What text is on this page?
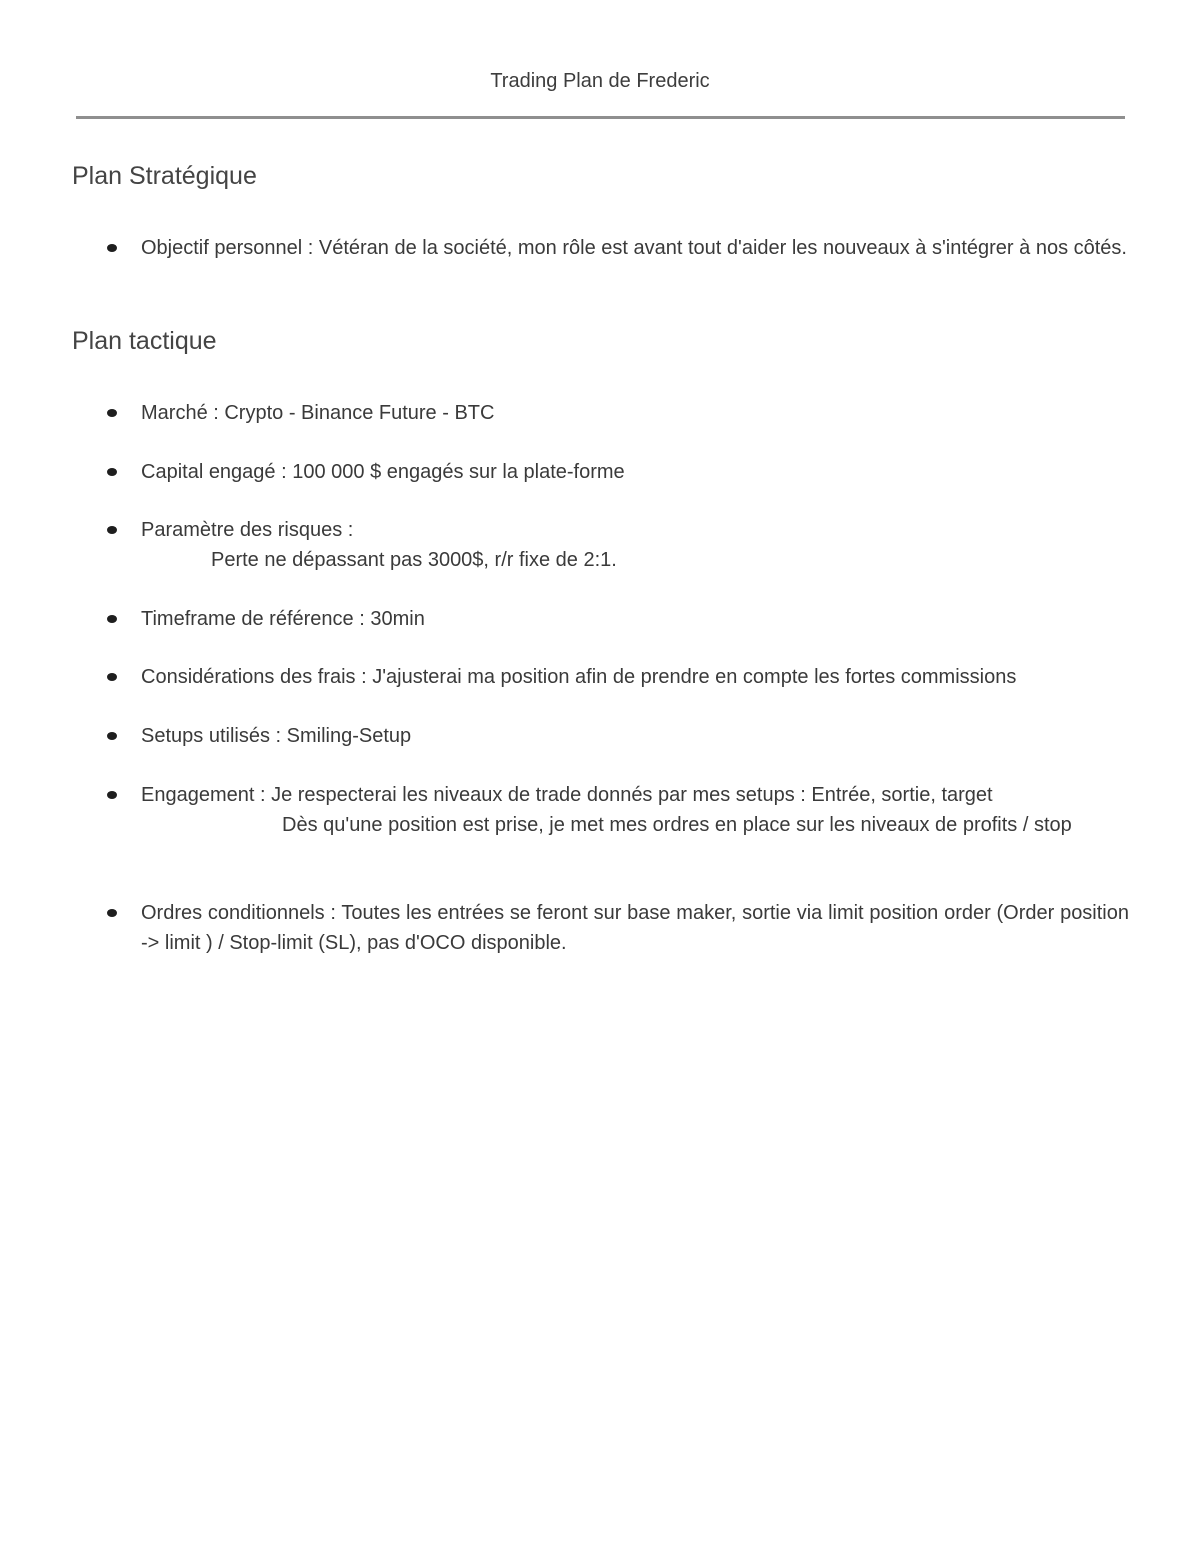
Trading Plan de Frederic
Plan Stratégique
Objectif personnel : Vétéran de la société, mon rôle est avant tout d'aider les nouveaux à s'intégrer à nos côtés.
Plan tactique
Marché : Crypto - Binance Future - BTC
Capital engagé : 100 000 $ engagés sur la plate-forme
Paramètre des risques :
Perte ne dépassant pas 3000$, r/r fixe de 2:1.
Timeframe de référence : 30min
Considérations des frais : J'ajusterai ma position afin de prendre en compte les fortes commissions
Setups utilisés : Smiling-Setup
Engagement : Je respecterai les niveaux de trade donnés par mes setups : Entrée, sortie, target
Dès qu'une position est prise, je met mes ordres en place sur les niveaux de profits / stop
Ordres conditionnels : Toutes les entrées se feront sur base maker, sortie via limit position order (Order position -> limit ) / Stop-limit (SL), pas d'OCO disponible.
